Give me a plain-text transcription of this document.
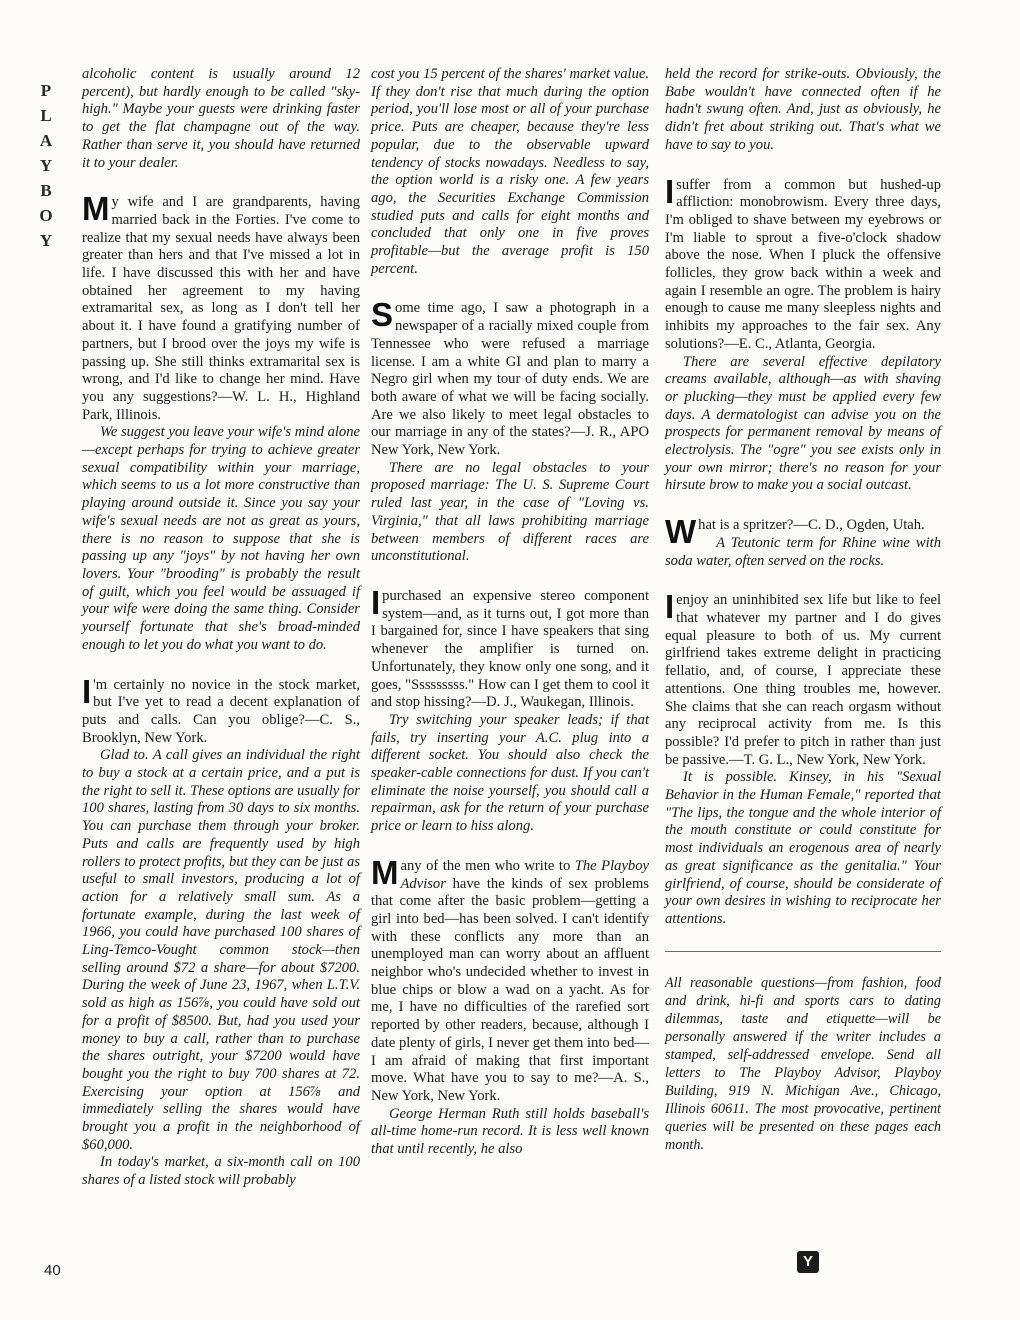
P
L
A
Y
B
O
Y
40

alcoholic content is usually around 12 percent), but hardly enough to be called "sky-high." Maybe your guests were drinking faster to get the flat champagne out of the way. Rather than serve it, you should have returned it to your dealer.

My wife and I are grandparents, having married back in the Forties. I've come to realize that my sexual needs have always been greater than hers and that I've missed a lot in life. I have discussed this with her and have obtained her agreement to my having extramarital sex, as long as I don't tell her about it. I have found a gratifying number of partners, but I brood over the joys my wife is passing up. She still thinks extramarital sex is wrong, and I'd like to change her mind. Have you any suggestions?—W. L. H., Highland Park, Illinois.

We suggest you leave your wife's mind alone—except perhaps for trying to achieve greater sexual compatibility within your marriage, which seems to us a lot more constructive than playing around outside it. Since you say your wife's sexual needs are not as great as yours, there is no reason to suppose that she is passing up any "joys" by not having her own lovers. Your "brooding" is probably the result of guilt, which you feel would be assuaged if your wife were doing the same thing. Consider yourself fortunate that she's broad-minded enough to let you do what you want to do.

I 'm certainly no novice in the stock market, but I've yet to read a decent explanation of puts and calls. Can you oblige?—C. S., Brooklyn, New York.

Glad to. A call gives an individual the right to buy a stock at a certain price, and a put is the right to sell it. These options are usually for 100 shares, lasting from 30 days to six months. You can purchase them through your broker. Puts and calls are frequently used by high rollers to protect profits, but they can be just as useful to small investors, producing a lot of action for a relatively small sum. As a fortunate example, during the last week of 1966, you could have purchased 100 shares of Ling-Temco-Vought common stock—then selling around $72 a share—for about $7200. During the week of June 23, 1967, when L.T.V. sold as high as 156⅞, you could have sold out for a profit of $8500. But, had you used your money to buy a call, rather than to purchase the shares outright, your $7200 would have bought you the right to buy 700 shares at 72. Exercising your option at 156⅞ and immediately selling the shares would have brought you a profit in the neighborhood of $60,000.

In today's market, a six-month call on 100 shares of a listed stock will probably

cost you 15 percent of the shares' market value. If they don't rise that much during the option period, you'll lose most or all of your purchase price. Puts are cheaper, because they're less popular, due to the observable upward tendency of stocks nowadays. Needless to say, the option world is a risky one. A few years ago, the Securities Exchange Commission studied puts and calls for eight months and concluded that only one in five proves profitable—but the average profit is 150 percent.

Some time ago, I saw a photograph in a newspaper of a racially mixed couple from Tennessee who were refused a marriage license. I am a white GI and plan to marry a Negro girl when my tour of duty ends. We are both aware of what we will be facing socially. Are we also likely to meet legal obstacles to our marriage in any of the states?—J. R., APO New York, New York.

There are no legal obstacles to your proposed marriage: The U. S. Supreme Court ruled last year, in the case of "Loving vs. Virginia," that all laws prohibiting marriage between members of different races are unconstitutional.

I purchased an expensive stereo component system—and, as it turns out, I got more than I bargained for, since I have speakers that sing whenever the amplifier is turned on. Unfortunately, they know only one song, and it goes, "Sssssssss." How can I get them to cool it and stop hissing?—D. J., Waukegan, Illinois.

Try switching your speaker leads; if that fails, try inserting your A.C. plug into a different socket. You should also check the speaker-cable connections for dust. If you can't eliminate the noise yourself, you should call a repairman, ask for the return of your purchase price or learn to hiss along.

Many of the men who write to The Playboy Advisor have the kinds of sex problems that come after the basic problem—getting a girl into bed—has been solved. I can't identify with these conflicts any more than an unemployed man can worry about an affluent neighbor who's undecided whether to invest in blue chips or blow a wad on a yacht. As for me, I have no difficulties of the rarefied sort reported by other readers, because, although I date plenty of girls, I never get them into bed—I am afraid of making that first important move. What have you to say to me?—A. S., New York, New York.

George Herman Ruth still holds baseball's all-time home-run record. It is less well known that until recently, he also

held the record for strike-outs. Obviously, the Babe wouldn't have connected often if he hadn't swung often. And, just as obviously, he didn't fret about striking out. That's what we have to say to you.

I suffer from a common but hushed-up affliction: monobrowism. Every three days, I'm obliged to shave between my eyebrows or I'm liable to sprout a five-o'clock shadow above the nose. When I pluck the offensive follicles, they grow back within a week and again I resemble an ogre. The problem is hairy enough to cause me many sleepless nights and inhibits my approaches to the fair sex. Any solutions?—E. C., Atlanta, Georgia.

There are several effective depilatory creams available, although—as with shaving or plucking—they must be applied every few days. A dermatologist can advise you on the prospects for permanent removal by means of electrolysis. The "ogre" you see exists only in your own mirror; there's no reason for your hirsute brow to make you a social outcast.

What is a spritzer?—C. D., Ogden, Utah.

A Teutonic term for Rhine wine with soda water, often served on the rocks.

I enjoy an uninhibited sex life but like to feel that whatever my partner and I do gives equal pleasure to both of us. My current girlfriend takes extreme delight in practicing fellatio, and, of course, I appreciate these attentions. One thing troubles me, however. She claims that she can reach orgasm without any reciprocal activity from me. Is this possible? I'd prefer to pitch in rather than just be passive.—T. G. L., New York, New York.

It is possible. Kinsey, in his "Sexual Behavior in the Human Female," reported that "The lips, the tongue and the whole interior of the mouth constitute or could constitute for most individuals an erogenous area of nearly as great significance as the genitalia." Your girlfriend, of course, should be considerate of your own desires in wishing to reciprocate her attentions.

All reasonable questions—from fashion, food and drink, hi-fi and sports cars to dating dilemmas, taste and etiquette—will be personally answered if the writer includes a stamped, self-addressed envelope. Send all letters to The Playboy Advisor, Playboy Building, 919 N. Michigan Ave., Chicago, Illinois 60611. The most provocative, pertinent queries will be presented on these pages each month.

Y
